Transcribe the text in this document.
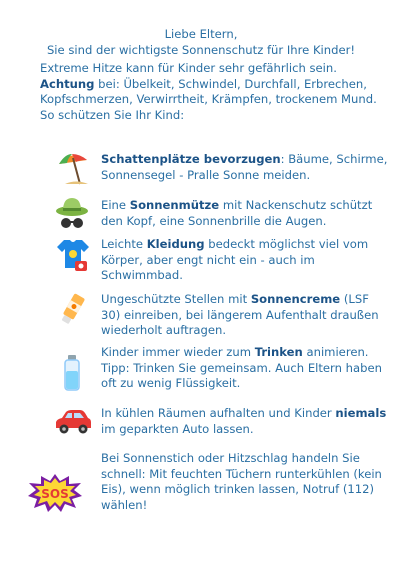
Liebe Eltern,
Sie sind der wichtigste Sonnenschutz für Ihre Kinder!
Extreme Hitze kann für Kinder sehr gefährlich sein.
Achtung bei: Übelkeit, Schwindel, Durchfall, Erbrechen, Kopfschmerzen, Verwirrtheit, Krämpfen, trockenem Mund.
So schützen Sie Ihr Kind:
Schattenplätze bevorzugen: Bäume, Schirme, Sonnensegel - Pralle Sonne meiden.
Eine Sonnenmütze mit Nackenschutz schützt den Kopf, eine Sonnenbrille die Augen.
Leichte Kleidung bedeckt möglichst viel vom Körper, aber engt nicht ein - auch im Schwimmbad.
Ungeschützte Stellen mit Sonnencreme (LSF 30) einreiben, bei längerem Aufenthalt draußen wiederholt auftragen.
Kinder immer wieder zum Trinken animieren. Tipp: Trinken Sie gemeinsam. Auch Eltern haben oft zu wenig Flüssigkeit.
In kühlen Räumen aufhalten und Kinder niemals im geparkten Auto lassen.
SOS
Bei Sonnenstich oder Hitzschlag handeln Sie schnell: Mit feuchten Tüchern runterkühlen (kein Eis), wenn möglich trinken lassen, Notruf (112) wählen!
